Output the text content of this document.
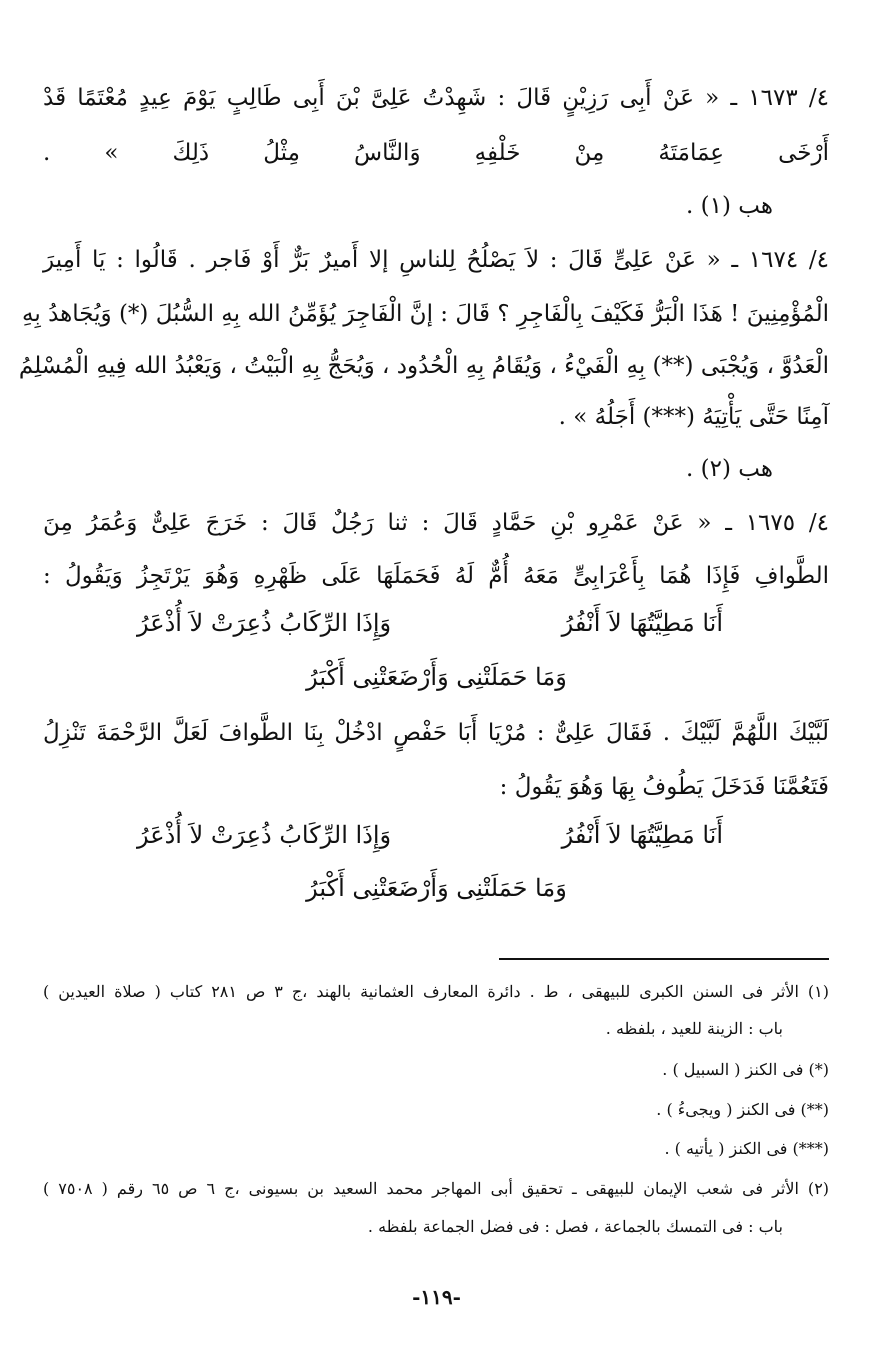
٤/ ١٦٧٣ ـ « عَنْ أَبِى رَزِيْنٍ قَالَ : شَهِدْتُ عَلِىَّ بْنَ أَبِى طَالِبٍ يَوْمَ عِيدٍ مُعْتَمًا قَدْ
أَرْخَى عِمَامَتَهُ مِنْ خَلْفِهِ وَالنَّاسُ مِثْلُ ذَلِكَ » .
هب (١) .
٤/ ١٦٧٤ ـ « عَنْ عَلِىٍّ قَالَ : لاَ يَصْلُحُ لِلناسِ إلا أَميرٌ بَرٌّ أَوْ فَاجر . قَالُوا : يَا أَمِيرَ
الْمُؤْمِنِينَ ! هَذَا الْبَرُّ فَكَيْفَ بِالْفَاجِرِ ؟ قَالَ : إنَّ الْفَاجِرَ يُؤَمِّنُ الله بِهِ السُّبُلَ (*) وَيُجَاهدُ بِهِ
الْعَدُوَّ ، وَيُجْبَى (**) بِهِ الْفَيْءُ ، وَيُقَامُ بِهِ الْحُدُود ، وَيُحَجُّ بِهِ الْبَيْتُ ، وَيَعْبُدُ الله فِيهِ الْمُسْلِمُ
آمِنًا حَتَّى يَأْتِيَهُ (***) أَجَلُهُ » .
هب (٢) .
٤/ ١٦٧٥ ـ « عَنْ عَمْرِو بْنِ حَمَّادٍ قَالَ : ثنا رَجُلٌ قَالَ : خَرَجَ عَلِىٌّ وَعُمَرُ مِنَ
الطَّوافِ فَإِذَا هُمَا بِأَعْرَابِىٍّ مَعَهُ أُمٌّ لَهُ فَحَمَلَهَا عَلَى ظَهْرِهِ وَهُوَ يَرْتَجِزُ وَيَقُولُ :
أَنَا مَطِيَّتُهَا لاَ أَنْفُرُ
وَإِذَا الرِّكَابُ ذُعِرَتْ لاَ أُذْعَرُ
وَمَا حَمَلَتْنِى وَأَرْضَعَتْنِى أَكْبَرُ
لَبَّيْكَ اللَّهُمَّ لَبَّيْكَ . فَقَالَ عَلِىٌّ : مُرْيَا أَبَا حَفْصٍ ادْخُلْ بِنَا الطَّوافَ لَعَلَّ الرَّحْمَةَ تَنْزِلُ
فَتَعُمَّنَا فَدَخَلَ يَطُوفُ بِهَا وَهُوَ يَقُولُ :
أَنَا مَطِيَّتُهَا لاَ أَنْفُرُ
وَإِذَا الرِّكَابُ ذُعِرَتْ لاَ أُذْعَرُ
وَمَا حَمَلَتْنِى وَأَرْضَعَتْنِى أَكْبَرُ
(١) الأثر فى السنن الكبرى للبيهقى ، ط . دائرة المعارف العثمانية بالهند ،ج ٣ ص ٢٨١ كتاب ( صلاة العيدين )
باب : الزينة للعيد ، بلفظه .
(*) فى الكنز ( السبيل ) .
(**) فى الكنز ( ويجىءُ ) .
(***) فى الكنز ( يأتيه ) .
(٢) الأثر فى شعب الإيمان للبيهقى ـ تحقيق أبى المهاجر محمد السعيد بن بسيونى ،ج ٦ ص ٦٥ رقم ( ٧٥٠٨ )
باب : فى التمسك بالجماعة ، فصل : فى فضل الجماعة بلفظه .
-١١٩-
